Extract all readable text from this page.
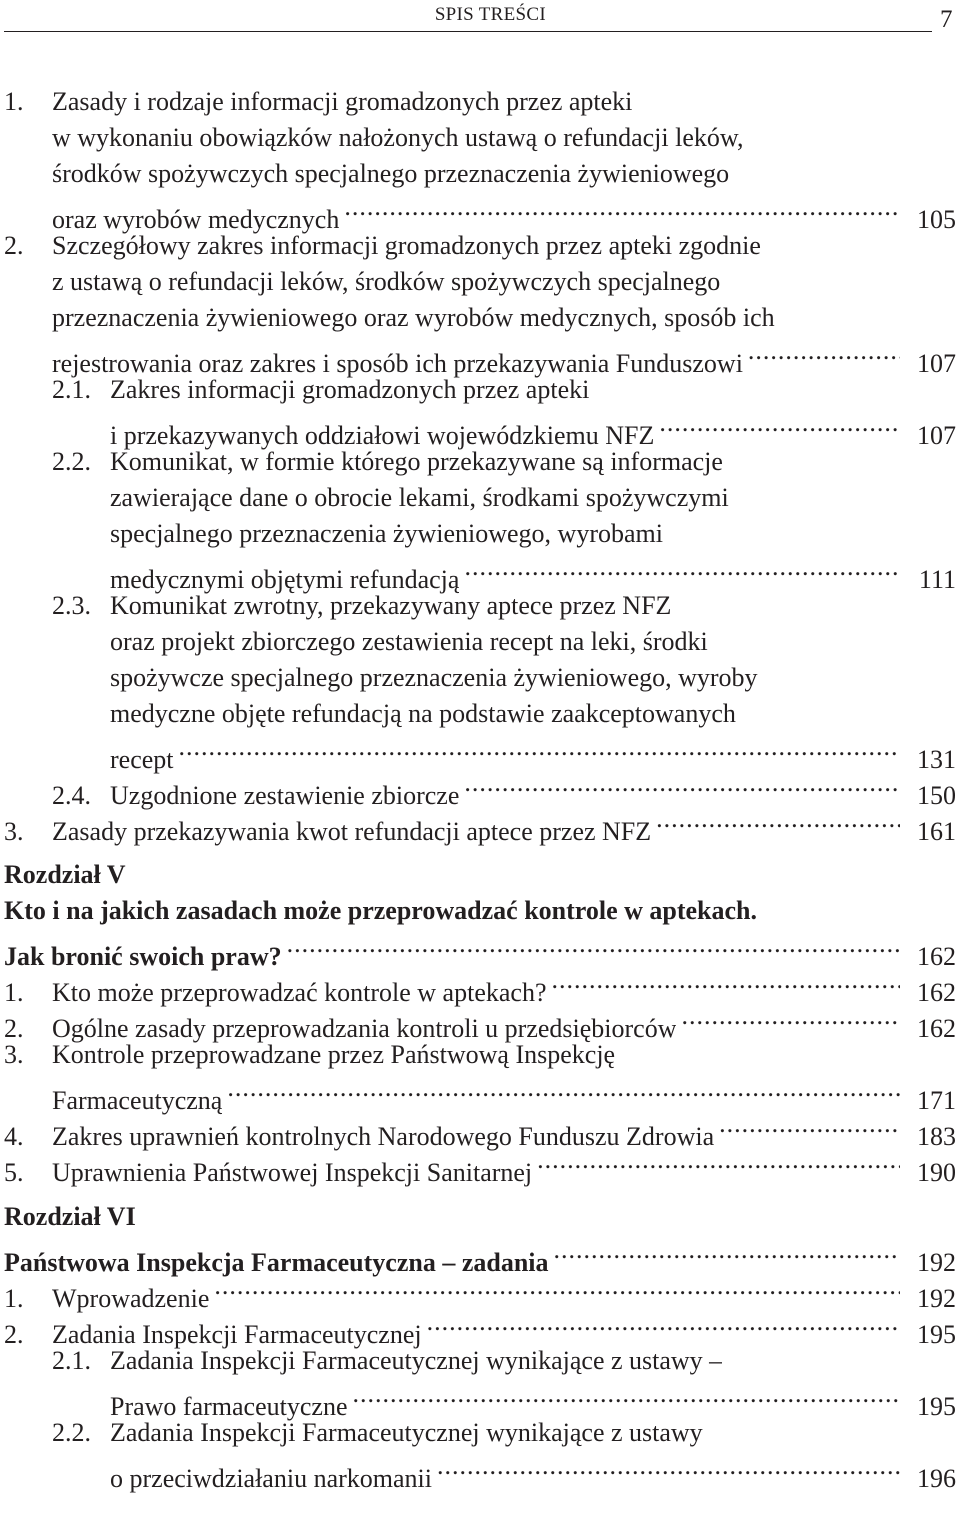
SPIS TREŚCI	7
1.	Zasady i rodzaje informacji gromadzonych przez apteki
w wykonaniu obowiązków nałożonych ustawą o refundacji leków,
środków spożywczych specjalnego przeznaczenia żywieniowego
oraz wyrobów medycznych .....	105
2.	Szczegółowy zakres informacji gromadzonych przez apteki zgodnie
z ustawą o refundacji leków, środków spożywczych specjalnego
przeznaczenia żywieniowego oraz wyrobów medycznych, sposób ich
rejestrowania oraz zakres i sposób ich przekazywania Funduszowi .....	107
2.1. Zakres informacji gromadzonych przez apteki
i przekazywanych oddziałowi wojewódzkiemu NFZ .....	107
2.2. Komunikat, w formie którego przekazywane są informacje
zawierające dane o obrocie lekami, środkami spożywczymi
specjalnego przeznaczenia żywieniowego, wyrobami
medycznymi objętymi refundacją .....	111
2.3. Komunikat zwrotny, przekazywany aptece przez NFZ
oraz projekt zbiorczego zestawienia recept na leki, środki
spożywcze specjalnego przeznaczenia żywieniowego, wyroby
medyczne objęte refundacją na podstawie zaakceptowanych
recept .....	131
2.4. Uzgodnione zestawienie zbiorcze .....	150
3.	Zasady przekazywania kwot refundacji aptece przez NFZ .....	161
Rozdział V
Kto i na jakich zasadach może przeprowadzać kontrole w aptekach.
Jak bronić swoich praw? .....	162
1.	Kto może przeprowadzać kontrole w aptekach? .....	162
2.	Ogólne zasady przeprowadzania kontroli u przedsiębiorców .....	162
3.	Kontrole przeprowadzane przez Państwową Inspekcję
Farmaceutyczną .....	171
4.	Zakres uprawnień kontrolnych Narodowego Funduszu Zdrowia .....	183
5.	Uprawnienia Państwowej Inspekcji Sanitarnej .....	190
Rozdział VI
Państwowa Inspekcja Farmaceutyczna – zadania .....	192
1.	Wprowadzenie .....	192
2.	Zadania Inspekcji Farmaceutycznej .....	195
2.1. Zadania Inspekcji Farmaceutycznej wynikające z ustawy –
Prawo farmaceutyczne .....	195
2.2. Zadania Inspekcji Farmaceutycznej wynikające z ustawy
o przeciwdziałaniu narkomanii .....	196
